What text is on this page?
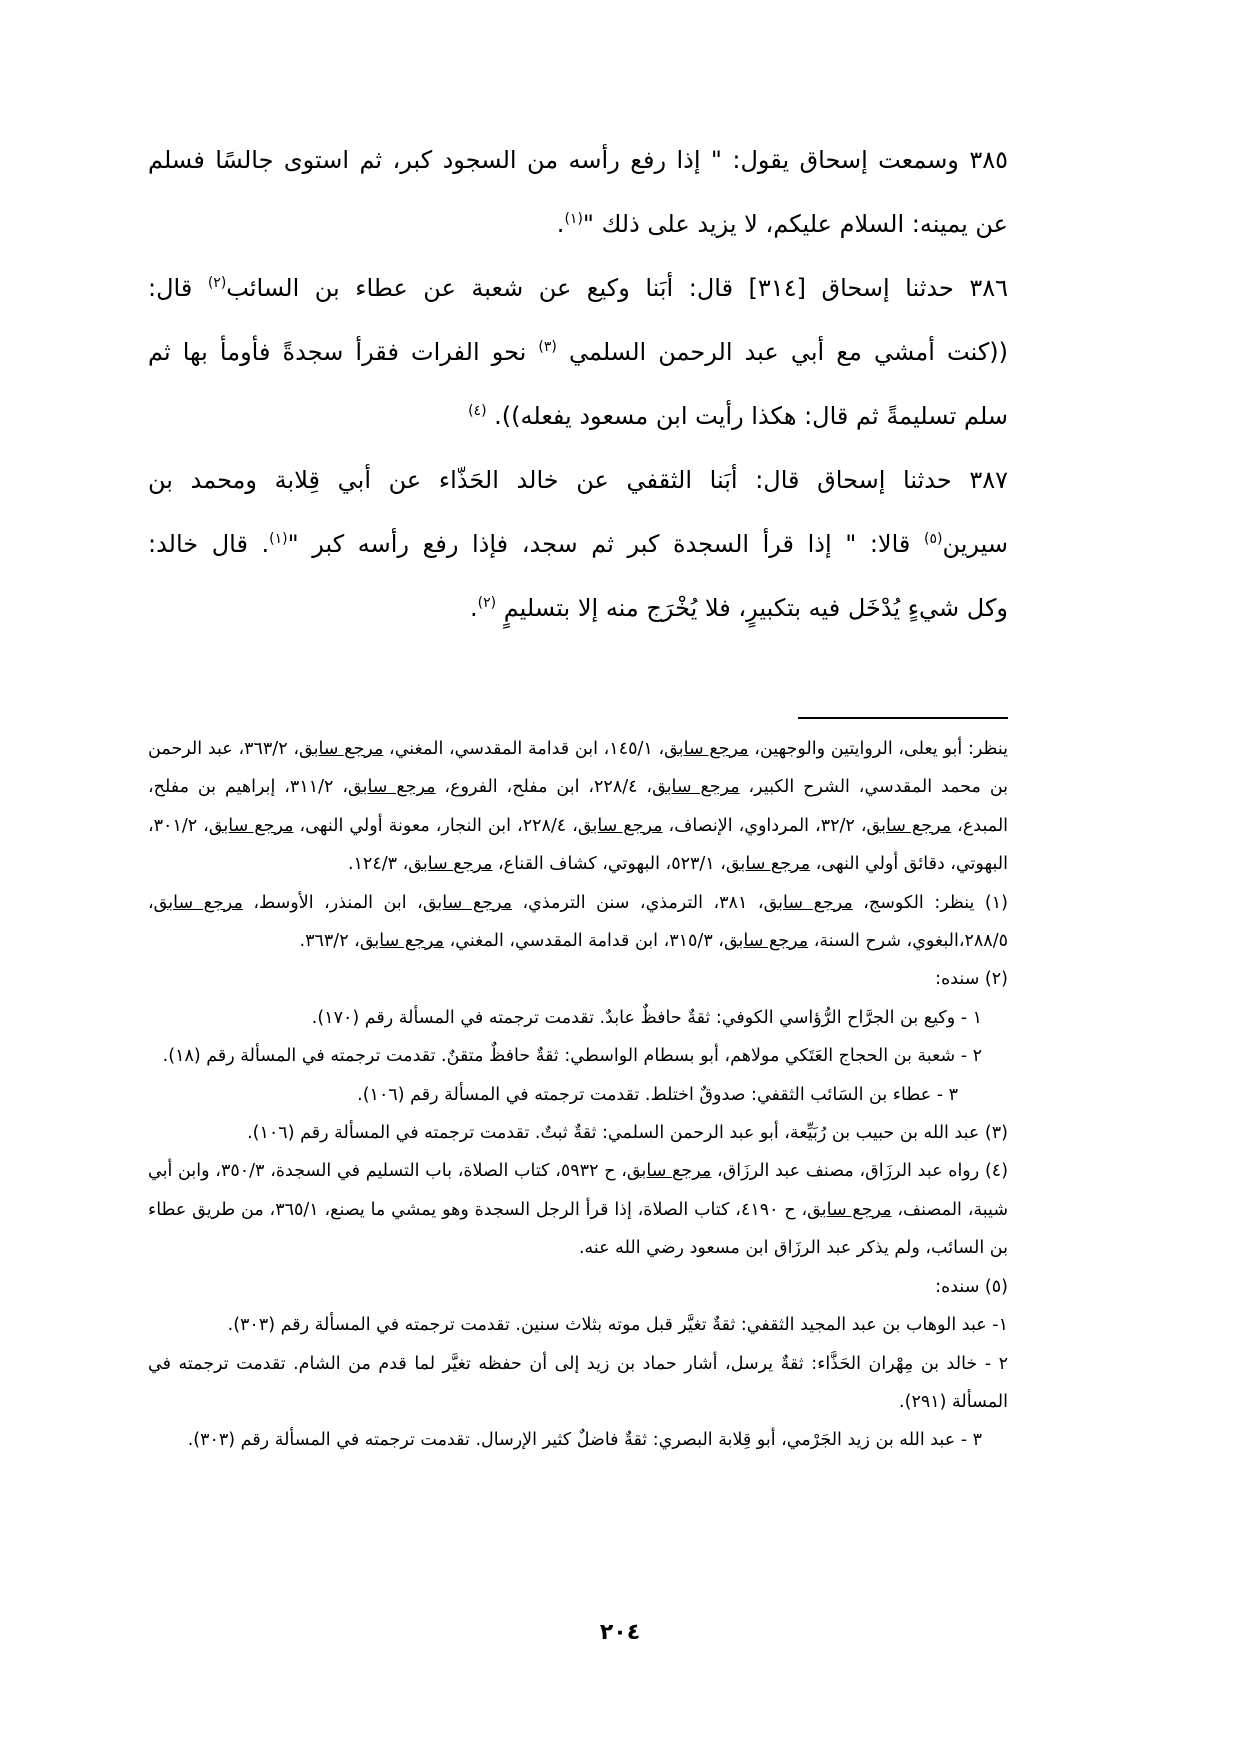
٣٨٥ وسمعت إسحاق يقول: " إذا رفع رأسه من السجود كبر، ثم استوى جالسًا فسلم

عن يمينه: السلام عليكم، لا يزيد على ذلك "$^{(١)}$.

٣٨٦ حدثنا إسحاق [٣١٤] قال: أبَنا وكيع عن شعبة عن عطاء بن السائب$^{(٢)}$ قال:

((كنت أمشي مع أبي عبد الرحمن السلمي $^{(٣)}$ نحو الفرات فقرأ سجدةً فأومأ بها ثم

سلم تسليمةً ثم قال: هكذا رأيت ابن مسعود يفعله)). $^{(٤)}$

٣٨٧ حدثنا إسحاق قال: أبَنا الثقفي عن خالد الحَذّاء عن أبي قِلابة ومحمد بن

سيرين$^{(٥)}$ قالا: " إذا قرأ السجدة كبر ثم سجد، فإذا رفع رأسه كبر "$^{(١)}$. قال خالد:

وكل شيءٍ يُدْخَل فيه بتكبيرٍ، فلا يُخْرَج منه إلا بتسليمٍ $^{(٢)}$.

ينظر: أبو يعلى، الروايتين والوجهين، مرجع سابق، ١٤٥/١، ابن قدامة المقدسي، المغني، مرجع سابق، ٣٦٣/٢، عبد الرحمن بن محمد المقدسي، الشرح الكبير، مرجع سابق، ٢٢٨/٤، ابن مفلح، الفروع، مرجع سابق، ٣١١/٢، إبراهيم بن مفلح، المبدع، مرجع سابق، ٣٢/٢، المرداوي، الإنصاف، مرجع سابق، ٢٢٨/٤، ابن النجار، معونة أولي النهى، مرجع سابق، ٣٠١/٢، البهوتي، دقائق أولي النهى، مرجع سابق، ٥٢٣/١، البهوتي، كشاف القناع، مرجع سابق، ١٢٤/٣.

(١) ينظر: الكوسج، مرجع سابق، ٣٨١، الترمذي، سنن الترمذي، مرجع سابق، ابن المنذر، الأوسط، مرجع سابق، ٢٨٨/٥،البغوي، شرح السنة، مرجع سابق، ٣١٥/٣، ابن قدامة المقدسي، المغني، مرجع سابق، ٣٦٣/٢.

(٢) سنده:

١ - وكيع بن الجرَّاح الرُّؤاسي الكوفي: ثقةٌ حافظٌ عابدٌ. تقدمت ترجمته في المسألة رقم (١٧٠).

٢ - شعبة بن الحجاج العَتَكي مولاهم، أبو بسطام الواسطي: ثقةٌ حافظٌ متقنٌ. تقدمت ترجمته في المسألة رقم (١٨).

٣ - عطاء بن السَائب الثقفي: صدوقٌ اختلط. تقدمت ترجمته في المسألة رقم (١٠٦).

(٣) عبد الله بن حبيب بن رُبَيِّعة، أبو عبد الرحمن السلمي: ثقةٌ ثبتٌ. تقدمت ترجمته في المسألة رقم (١٠٦).

(٤) رواه عبد الرزَاق، مصنف عبد الرزَاق، مرجع سابق، ح ٥٩٣٢، كتاب الصلاة، باب التسليم في السجدة، ٣٥٠/٣، وابن أبي شيبة، المصنف، مرجع سابق، ح ٤١٩٠، كتاب الصلاة، إذا قرأ الرجل السجدة وهو يمشي ما يصنع، ٣٦٥/١، من طريق عطاء بن السائب، ولم يذكر عبد الرزَاق ابن مسعود رضي الله عنه.

(٥) سنده:

١- عبد الوهاب بن عبد المجيد الثقفي: ثقةٌ تغيَّر قبل موته بثلاث سنين. تقدمت ترجمته في المسألة رقم (٣٠٣).

٢ - خالد بن مِهْران الحَذَّاء: ثقةٌ يرسل، أشار حماد بن زيد إلى أن حفظه تغيَّر لما قدم من الشام. تقدمت ترجمته في المسألة (٢٩١).

٣ - عبد الله بن زيد الجَرْمي، أبو قِلابة البصري: ثقةٌ فاضلٌ كثير الإرسال. تقدمت ترجمته في المسألة رقم (٣٠٣).

٢٠٤
